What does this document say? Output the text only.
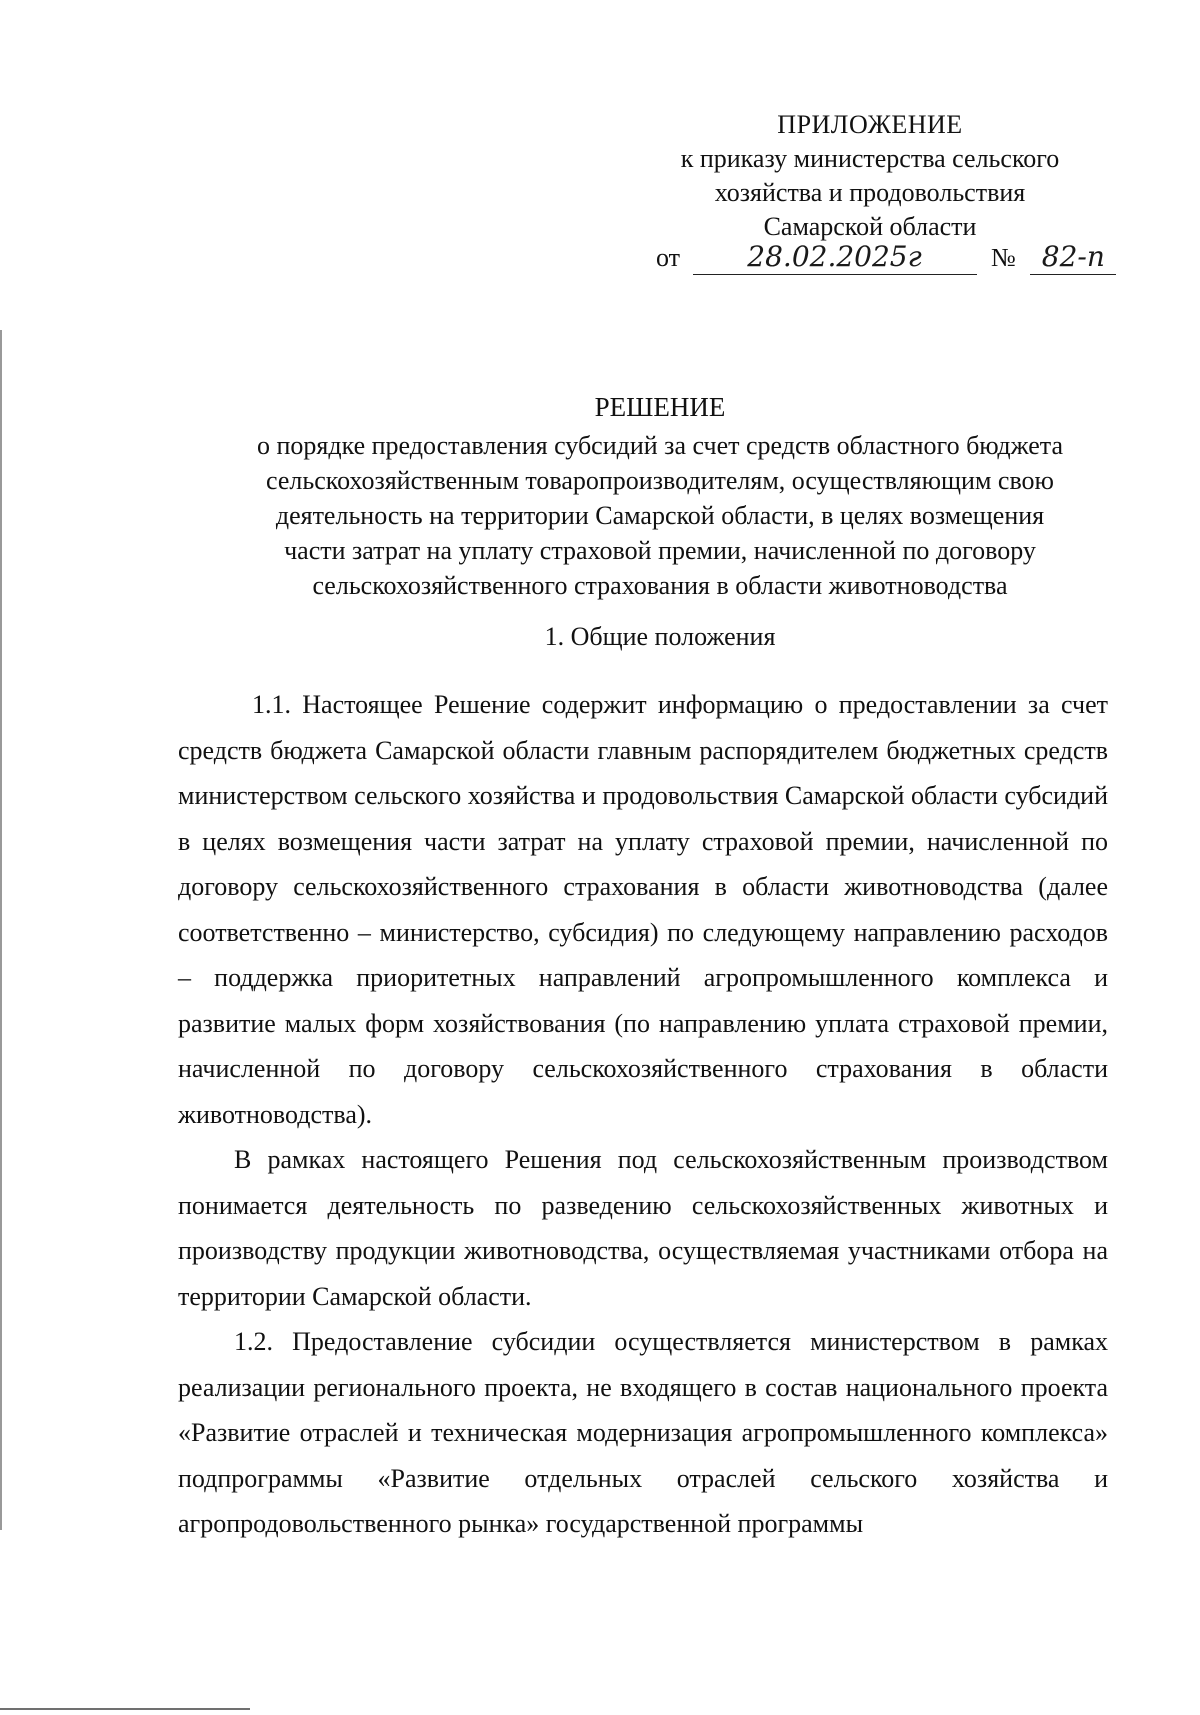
ПРИЛОЖЕНИЕ
к приказу министерства сельского
хозяйства и продовольствия
Самарской области
от 28.02.2025г	№ 82-п
РЕШЕНИЕ
о порядке предоставления субсидий за счет средств областного бюджета
сельскохозяйственным товаропроизводителям, осуществляющим свою
деятельность на территории Самарской области, в целях возмещения
части затрат на уплату страховой премии, начисленной по договору
сельскохозяйственного страхования в области животноводства
1. Общие положения

1.1. Настоящее Решение содержит информацию о предоставлении за счет средств бюджета Самарской области главным распорядителем бюджетных средств министерством сельского хозяйства и продовольствия Самарской области субсидий в целях возмещения части затрат на уплату страховой премии, начисленной по договору сельскохозяйственного страхования в области животноводства (далее соответственно – министерство, субсидия) по следующему направлению расходов – поддержка приоритетных направлений агропромышленного комплекса и развитие малых форм хозяйствования (по направлению уплата страховой премии, начисленной по договору сельскохозяйственного страхования в области животноводства).

В рамках настоящего Решения под сельскохозяйственным производством понимается деятельность по разведению сельскохозяйственных животных и производству продукции животноводства, осуществляемая участниками отбора на территории Самарской области.

1.2. Предоставление субсидии осуществляется министерством в рамках реализации регионального проекта, не входящего в состав национального проекта «Развитие отраслей и техническая модернизация агропромышленного комплекса» подпрограммы «Развитие отдельных отраслей сельского хозяйства и агропродовольственного рынка» государственной программы
